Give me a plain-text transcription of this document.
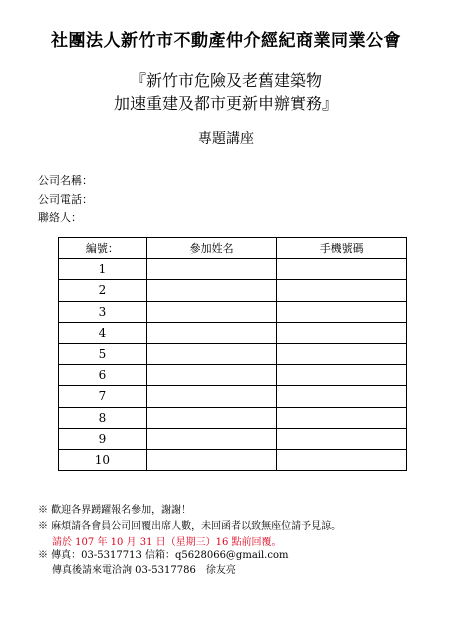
社團法人新竹市不動產仲介經紀商業同業公會
『新竹市危險及老舊建築物
加速重建及都市更新申辦實務』
專題講座
公司名稱：
公司電話：
聯絡人：
編號：	參加姓名	手機號碼
1		
2		
3		
4		
5		
6		
7		
8		
9		
10		
※ 歡迎各界踴躍報名參加，謝謝！
※ 麻煩請各會員公司回覆出席人數，未回函者以致無座位請予見諒。
請於 107 年 10 月 31 日（星期三）16 點前回覆。
※ 傳真：03-5317713 信箱：q5628066@gmail.com
傳真後請來電洽詢 03-5317786　徐友亮
